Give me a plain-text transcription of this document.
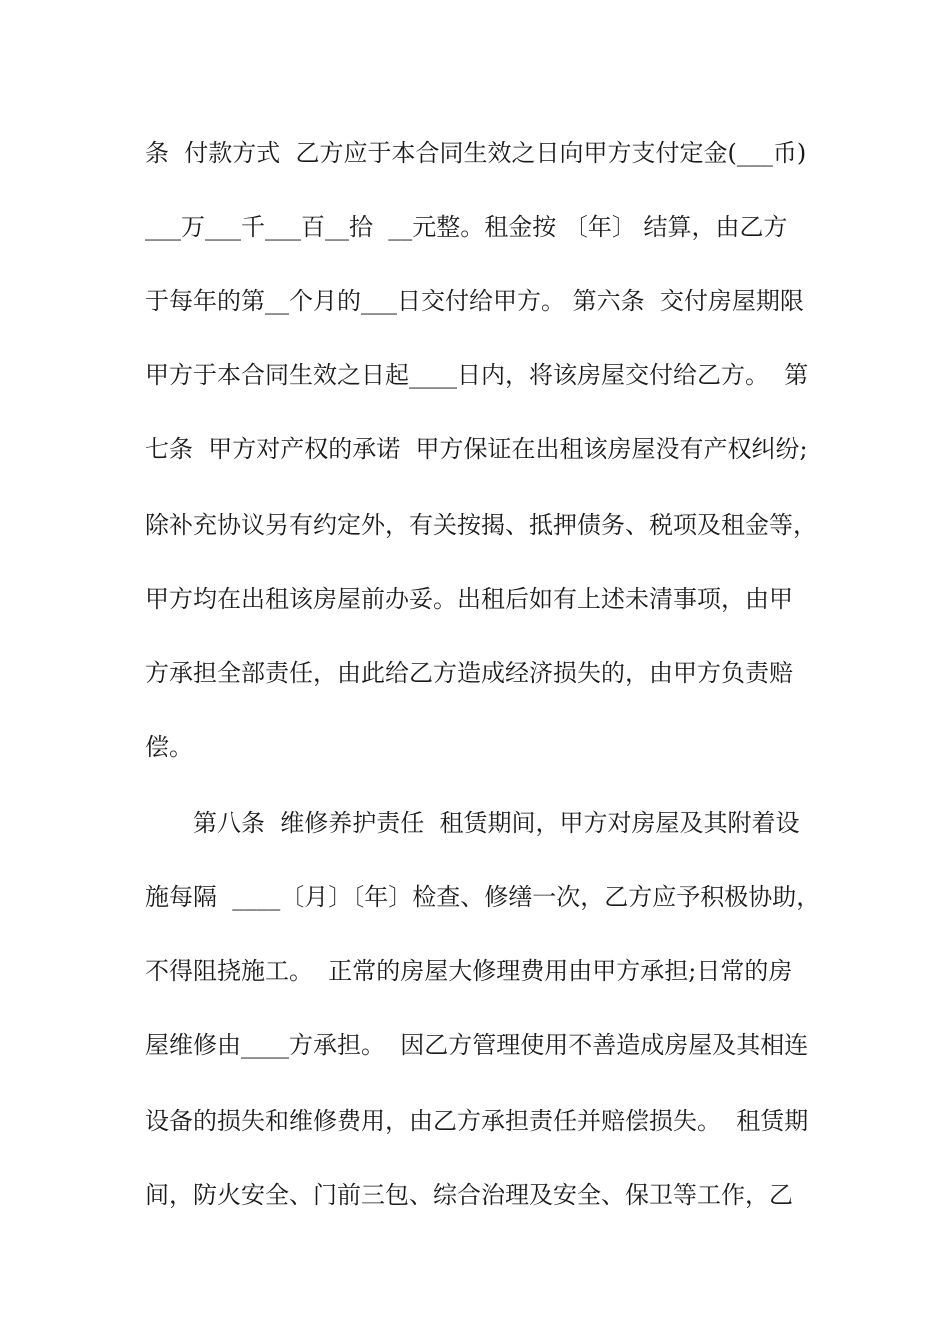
条  付款方式  乙方应于本合同生效之日向甲方支付定金(___币)
___万___千___百__拾  __元整。租金按 〔年〕 结算，由乙方
于每年的第__个月的___日交付给甲方。 第六条  交付房屋期限
甲方于本合同生效之日起____日内，将该房屋交付给乙方。  第
七条  甲方对产权的承诺  甲方保证在出租该房屋没有产权纠纷;
除补充协议另有约定外，有关按揭、抵押债务、税项及租金等，
甲方均在出租该房屋前办妥。出租后如有上述未清事项，由甲
方承担全部责任，由此给乙方造成经济损失的，由甲方负责赔
偿。
第八条  维修养护责任  租赁期间，甲方对房屋及其附着设
施每隔  ____〔月〕〔年〕检查、修缮一次，乙方应予积极协助，
不得阻挠施工。  正常的房屋大修理费用由甲方承担;日常的房
屋维修由____方承担。  因乙方管理使用不善造成房屋及其相连
设备的损失和维修费用，由乙方承担责任并赔偿损失。  租赁期
间，防火安全、门前三包、综合治理及安全、保卫等工作，乙
